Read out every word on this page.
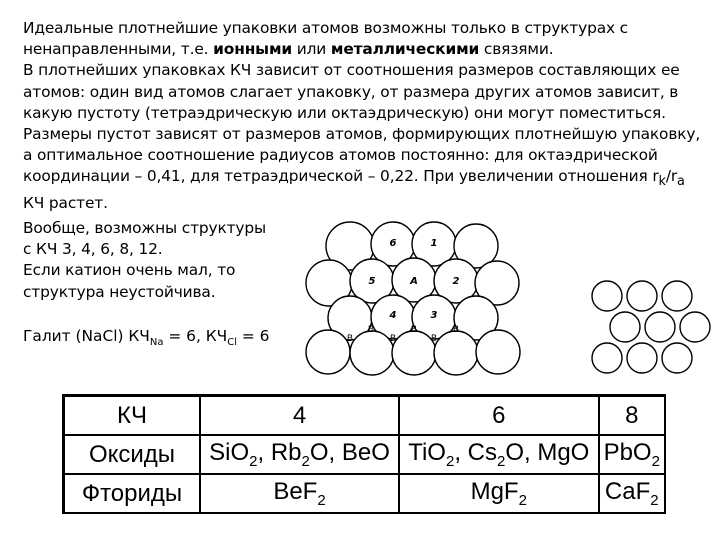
Идеальные плотнейшие упаковки атомов возможны только в структурах с ненаправленными, т.е. ионными или металлическими связями.

В плотнейших упаковках КЧ зависит от соотношения размеров составляющих ее атомов: один вид атомов слагает упаковку, от размера других атомов зависит, в какую пустоту (тетраэдрическую или октаэдрическую) они могут поместиться.

Размеры пустот зависят от размеров атомов, формирующих плотнейшую упаковку, а оптимальное соотношение радиусов атомов постоянно: для октаэдрической координации – 0,41, для тетраэдрической – 0,22. При увеличении отношения $r_k/r_a$ КЧ растет.

Вообще, возможны структуры

с КЧ 3, 4, 6, 8, 12.

Если катион очень мал, то

структура неустойчива.

Галит (NaCl) $КЧ_{Na} = 6$, $КЧ_{Cl} = 6$
6	1
5	A	2
4	3
B	B	B
B	B	B
КЧ	4	6	8
Оксиды	SiO$_2$, $Rb_2O$, BeO	TiO$_2$, $Cs_2O$, MgO	PbO$_2$
Фториды	BeF$_2$	MgF$_2$	CaF$_2$
